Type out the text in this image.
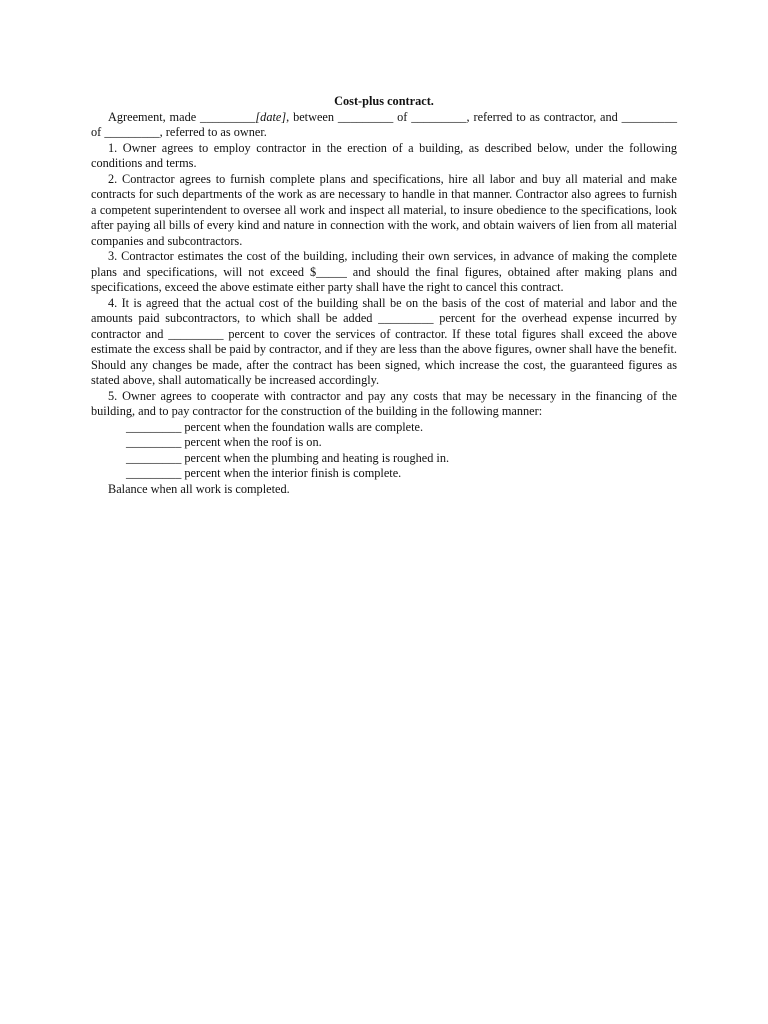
Cost-plus contract.

Agreement, made _________[date], between _________ of _________, referred to as contractor, and _________ of _________, referred to as owner.

1. Owner agrees to employ contractor in the erection of a building, as described below, under the following conditions and terms.

2. Contractor agrees to furnish complete plans and specifications, hire all labor and buy all material and make contracts for such departments of the work as are necessary to handle in that manner. Contractor also agrees to furnish a competent superintendent to oversee all work and inspect all material, to insure obedience to the specifications, look after paying all bills of every kind and nature in connection with the work, and obtain waivers of lien from all material companies and subcontractors.

3. Contractor estimates the cost of the building, including their own services, in advance of making the complete plans and specifications, will not exceed $_____ and should the final figures, obtained after making plans and specifications, exceed the above estimate either party shall have the right to cancel this contract.

4. It is agreed that the actual cost of the building shall be on the basis of the cost of material and labor and the amounts paid subcontractors, to which shall be added _________ percent for the overhead expense incurred by contractor and _________ percent to cover the services of contractor. If these total figures shall exceed the above estimate the excess shall be paid by contractor, and if they are less than the above figures, owner shall have the benefit. Should any changes be made, after the contract has been signed, which increase the cost, the guaranteed figures as stated above, shall automatically be increased accordingly.

5. Owner agrees to cooperate with contractor and pay any costs that may be necessary in the financing of the building, and to pay contractor for the construction of the building in the following manner:

_________ percent when the foundation walls are complete.

_________ percent when the roof is on.

_________ percent when the plumbing and heating is roughed in.

_________ percent when the interior finish is complete.

Balance when all work is completed.
